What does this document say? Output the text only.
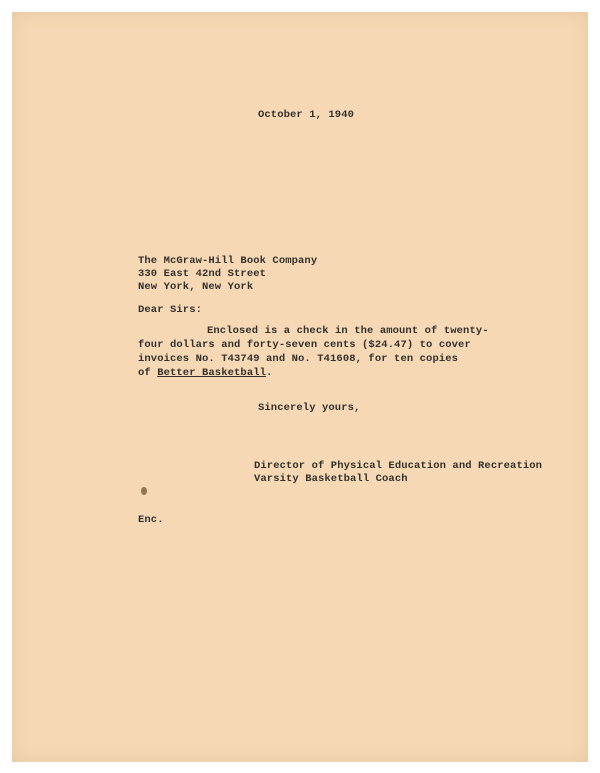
October 1, 1940
The McGraw-Hill Book Company
330 East 42nd Street
New York, New York
Dear Sirs:
Enclosed is a check in the amount of twenty-
four dollars and forty-seven cents ($24.47) to cover
invoices No. T43749 and No. T41608, for ten copies
of Better Basketball.
Sincerely yours,
Director of Physical Education and Recreation
Varsity Basketball Coach
Enc.
